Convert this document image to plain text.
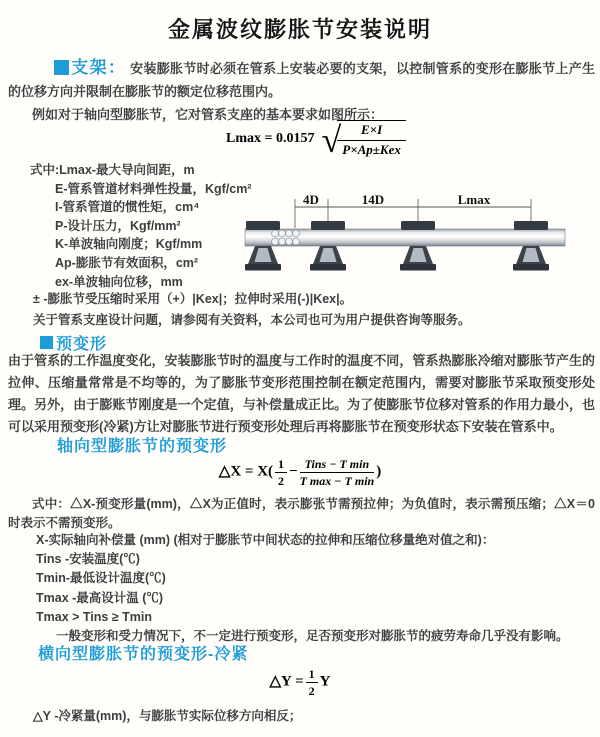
金属波纹膨胀节安装说明

支架： 安装膨胀节时必须在管系上安装必要的支架，以控制管系的变形在膨胀节上产生的位移方向并限制在膨胀节的额定位移范围内。

例如对于轴向型膨胀节，它对管系支座的基本要求如图所示：

Lmax = 0.0157 √
$\frac{E\times I}{\text{P×Ap±Kex}}$
式中:Lmax-最大导向间距，m
E-管系管道材料弹性投量，Kgf/cm²
I-管系管道的惯性矩，cm⁴
P-设计压力，Kgf/mm²
K-单波轴向刚度；Kgf/mm
Ap-膨胀节有效面积，cm²
ex-单波轴向位移，mm
± -膨胀节受压缩时采用（+）|Kex|；拉伸时采用(-)|Kex|。
关于管系支座设计问题，请参阅有关资料，本公司也可为用户提供咨询等服务。
4D	14D	Lmax
预变形

由于管系的工作温度变化，安装膨胀节时的温度与工作时的温度不同，管系热膨胀冷缩对膨胀节产生的拉伸、压缩量常常是不均等的，为了膨胀节变形范围控制在额定范围内，需要对膨胀节采取预变形处理。另外，由于膨账节刚度是一个定值，与补偿量成正比。为了使膨胀节位移对管系的作用力最小，也可以采用预变形(冷紧)方让对膨胀节进行预变形处理后再将膨胀节在预变形状态下安装在管系中。

轴向型膨胀节的预变形
△X = $X( \frac{1}{2} - \frac{\text{Tins − T min}}{\text{T max − T min}}$ )

式中：△X-预变形量(mm)，△X为正值时，表示膨张节需预拉伸；为负值时，表示需预压缩；△X＝0时表示不需预变形。

X-实际轴向补偿量 (mm) (相对于膨胀节中间状态的拉伸和压缩位移量绝对值之和)：
Tins -安装温度(℃)
Tmin-最低设计温度(℃)
Tmax -最高设计温 (℃)
Tmax > Tins ≥ Tmin
一般变形和受力情况下，不一定进行预变形，足否预变形对膨胀节的疲劳寿命几乎没有影响。
横向型膨胀节的预变形-冷紧
△Y = $\frac{1}{2}$ Y
△Y -冷紧量(mm)，与膨胀节实际位移方向相反；
